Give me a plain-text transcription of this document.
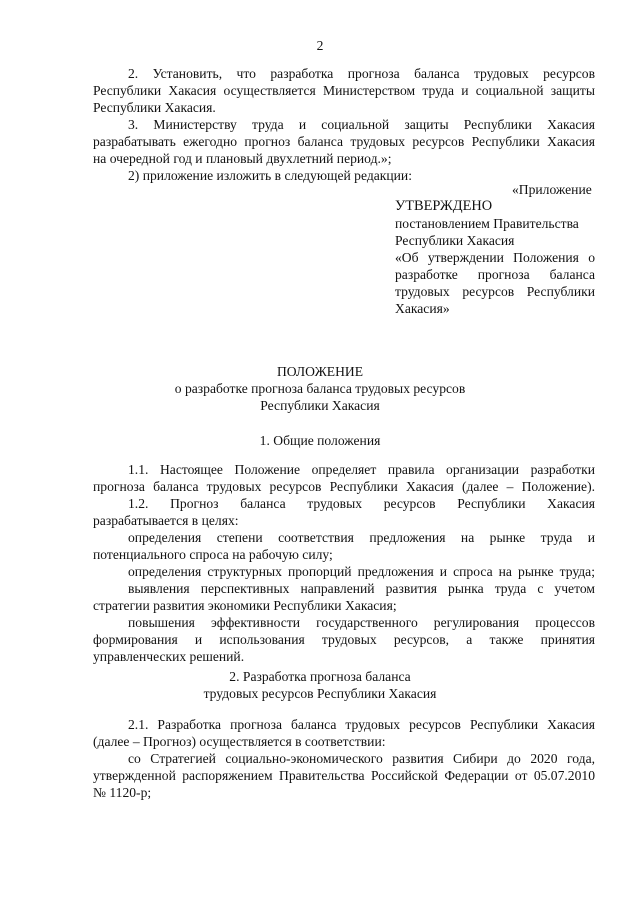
2
2. Установить, что разработка прогноза баланса трудовых ресурсов
Республики Хакасия осуществляется Министерством труда и социальной защиты
Республики Хакасия.
3. Министерству труда и социальной защиты Республики Хакасия
разрабатывать ежегодно прогноз баланса трудовых ресурсов Республики Хакасия
на очередной год и плановый двухлетний период.»;
2) приложение изложить в следующей редакции:
«Приложение
УТВЕРЖДЕНО
постановлением Правительства
Республики Хакасия
«Об утверждении Положения о
разработке прогноза баланса
трудовых ресурсов Республики
Хакасия»
ПОЛОЖЕНИЕ
о разработке прогноза баланса трудовых ресурсов
Республики Хакасия
1. Общие положения
1.1. Настоящее Положение определяет правила организации разработки
прогноза баланса трудовых ресурсов Республики Хакасия (далее – Положение).
1.2. Прогноз баланса трудовых ресурсов Республики Хакасия
разрабатывается в целях:
определения степени соответствия предложения на рынке труда и
потенциального спроса на рабочую силу;
определения структурных пропорций предложения и спроса на рынке труда;
выявления перспективных направлений развития рынка труда с учетом
стратегии развития экономики Республики Хакасия;
повышения эффективности государственного регулирования процессов
формирования и использования трудовых ресурсов, а также принятия
управленческих решений.
2. Разработка прогноза баланса
трудовых ресурсов Республики Хакасия
2.1. Разработка прогноза баланса трудовых ресурсов Республики Хакасия
(далее – Прогноз) осуществляется в соответствии:
со Стратегией социально-экономического развития Сибири до 2020 года,
утвержденной распоряжением Правительства Российской Федерации от 05.07.2010
№ 1120-р;
